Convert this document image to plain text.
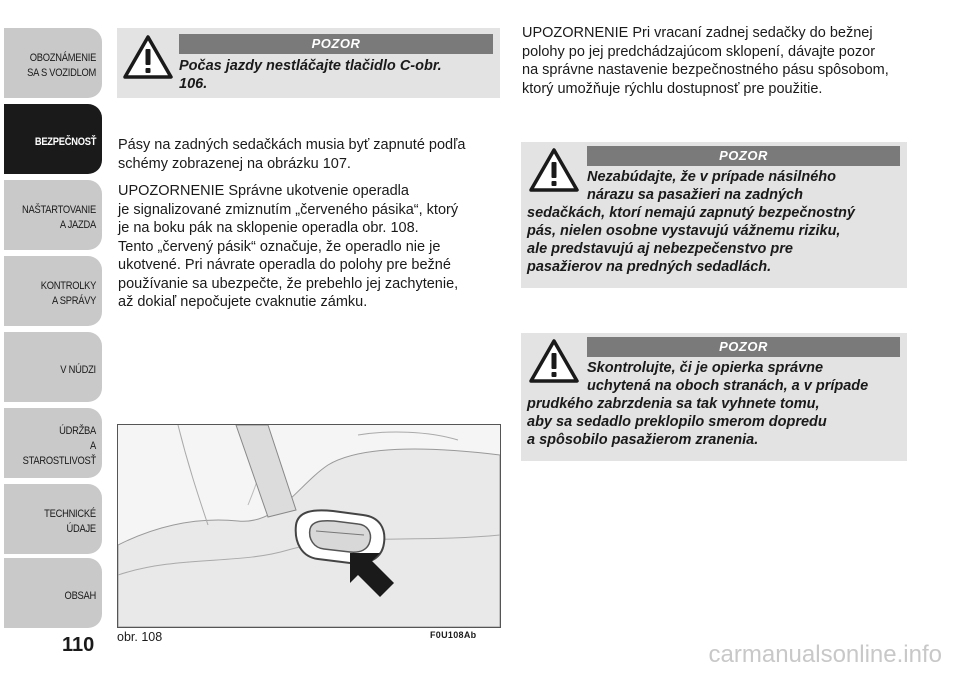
OBOZNÁMENIE
SA S VOZIDLOM
BEZPEČNOSŤ
NAŠTARTOVANIE
A JAZDA
KONTROLKY
A SPRÁVY
V NÚDZI
ÚDRŽBA
A STAROSTLIVOSŤ
TECHNICKÉ
ÚDAJE
OBSAH
110
POZOR
Počas jazdy nestláčajte tlačidlo C-obr.
106.
Pásy na zadných sedačkách musia byť zapnuté podľa
schémy zobrazenej na obrázku 107.
UPOZORNENIE Správne ukotvenie operadla
je signalizované zmiznutím „červeného pásika“, ktorý
je na boku pák na sklopenie operadla obr. 108.
Tento „červený pásik“ označuje, že operadlo nie je
ukotvené. Pri návrate operadla do polohy pre bežné
používanie sa ubezpečte, že prebehlo jej zachytenie,
až dokiaľ nepočujete cvaknutie zámku.
obr. 108	F0U108Ab
UPOZORNENIE Pri vracaní zadnej sedačky do bežnej
polohy po jej predchádzajúcom sklopení, dávajte pozor
na správne nastavenie bezpečnostného pásu spôsobom,
ktorý umožňuje rýchlu dostupnosť pre použitie.
POZOR
Nezabúdajte, že v prípade násilného
nárazu sa pasažieri na zadných
sedačkách, ktorí nemajú zapnutý bezpečnostný
pás, nielen osobne vystavujú vážnemu riziku,
ale predstavujú aj nebezpečenstvo pre
pasažierov na predných sedadlách.
POZOR
Skontrolujte, či je opierka správne
uchytená na oboch stranách, a v prípade
prudkého zabrzdenia sa tak vyhnete tomu,
aby sa sedadlo preklopilo smerom dopredu
a spôsobilo pasažierom zranenia.
carmanualsonline.info
